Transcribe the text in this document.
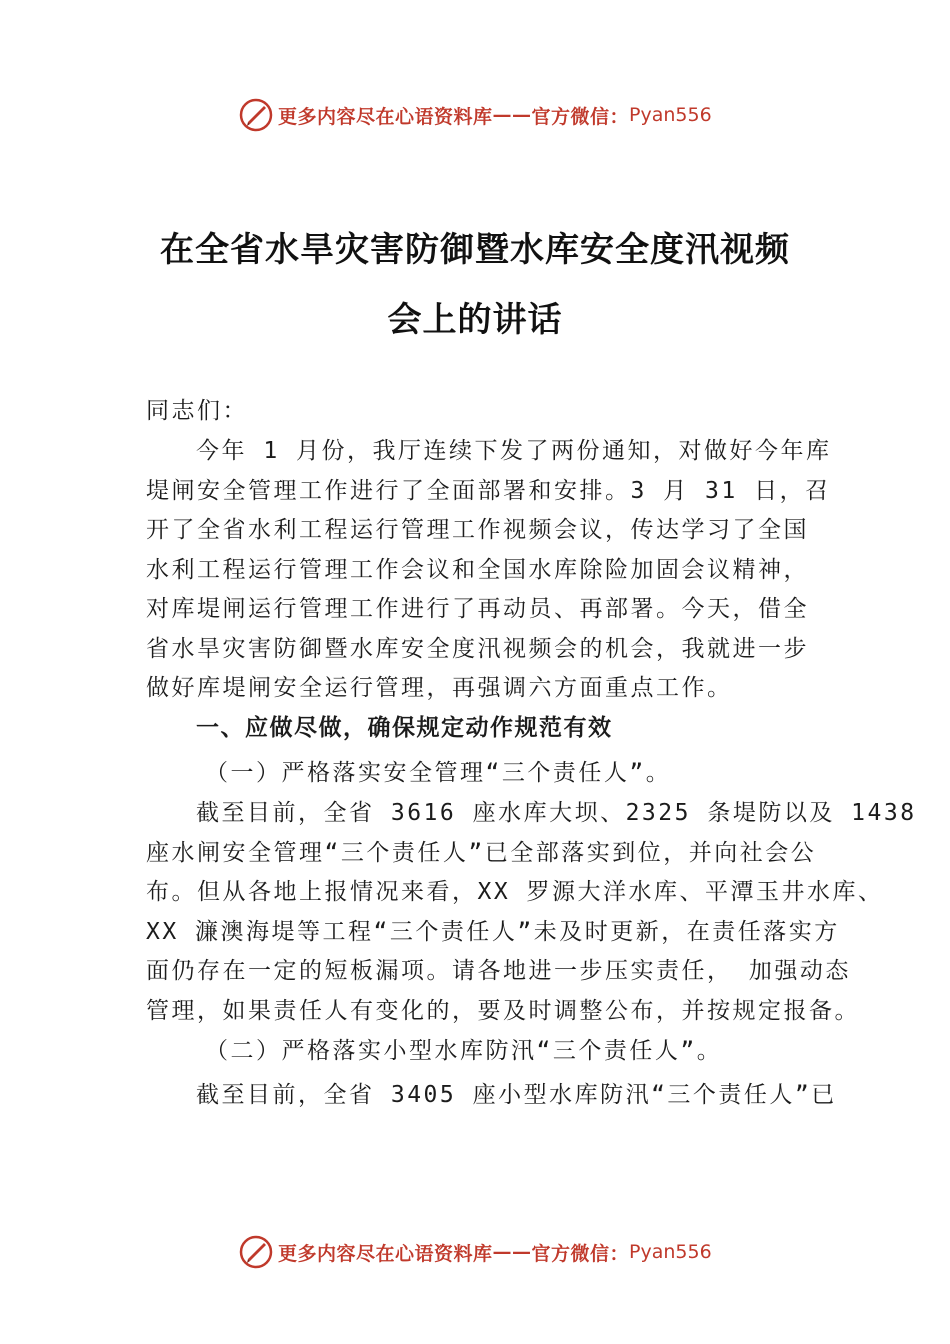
更多内容尽在心语资料库 —— 官方微信： Pyan556
在全省水旱灾害防御暨水库安全度汛视频
会上的讲话
同志们：
今年 1 月份，我厅连续下发了两份通知，对做好今年库
堤闸安全管理工作进行了全面部署和安排。3 月 31 日，召
开了全省水利工程运行管理工作视频会议，传达学习了全国
水利工程运行管理工作会议和全国水库除险加固会议精神，
对库堤闸运行管理工作进行了再动员、再部署。今天，借全
省水旱灾害防御暨水库安全度汛视频会的机会，我就进一步
做好库堤闸安全运行管理，再强调六方面重点工作。
一、应做尽做，确保规定动作规范有效
（一）严格落实安全管理“三个责任人”。
截至目前，全省 3616 座水库大坝、2325 条堤防以及 1438
座水闸安全管理“三个责任人”已全部落实到位，并向社会公
布。但从各地上报情况来看，XX 罗源大洋水库、平潭玉井水库、
XX 濂澳海堤等工程“三个责任人”未及时更新，在责任落实方
面仍存在一定的短板漏项。请各地进一步压实责任， 加强动态
管理，如果责任人有变化的，要及时调整公布，并按规定报备。
（二）严格落实小型水库防汛“三个责任人”。
截至目前，全省 3405 座小型水库防汛“三个责任人”已
更多内容尽在心语资料库 —— 官方微信： Pyan556
